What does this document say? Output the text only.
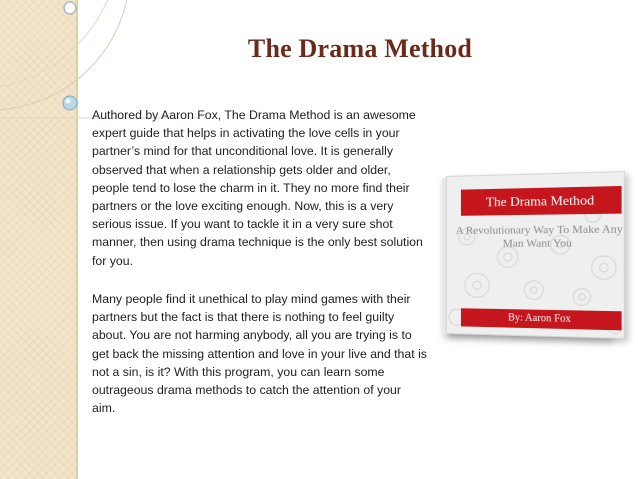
The Drama Method

Authored by Aaron Fox, The Drama Method is an awesome expert guide that helps in activating the love cells in your partner’s mind for that unconditional love. It is generally observed that when a relationship gets older and older, people tend to lose the charm in it. They no more find their partners or the love exciting enough. Now, this is a very serious issue. If you want to tackle it in a very sure shot manner, then using drama technique is the only best solution for you.

Many people find it unethical to play mind games with their partners but the fact is that there is nothing to feel guilty about. You are not harming anybody, all you are trying is to get back the missing attention and love in your live and that is not a sin, is it? With this program, you can learn some outrageous drama methods to catch the attention of your aim.

The Drama Method
A Revolutionary Way To Make Any Man Want You
By: Aaron Fox
